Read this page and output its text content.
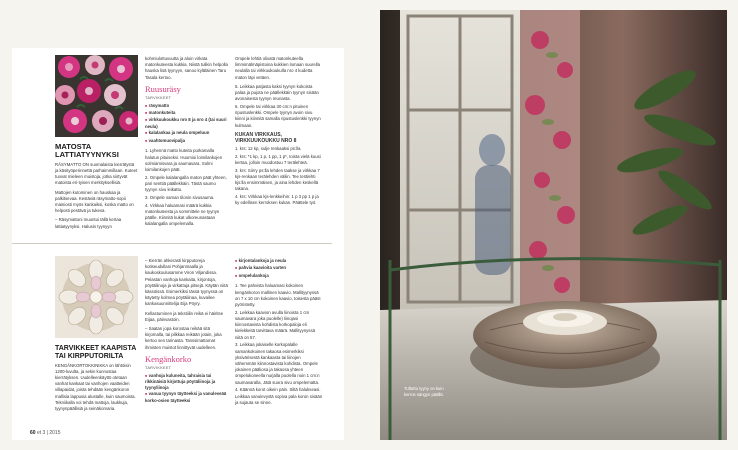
MATOSTA
LATTIATYYNYKSI

RÄSYMATTO ON suomalaista kierrätystä ja käsityöperinnettä parhaimmillaan. Kuteet tuovat mieleen muistoja, jotka siirtyvät matoista eri-tyisen merkityksellisiä.

Mattojen kutominen on hauskaa ja palkitsevaa. Kestäviä räsymatto-sopii mainiosti myös kankaiksi, koska matto on helposti pestävä ja tukeva.

– Räsymattoni muuntui tällä kertaa lattiatyynyksi. Halusin tyynyyn

kohmiulottuvuutta ja aloin virkata matonkuteesta kukkia. Niistä tulikin helpolla hauska lisä tyynyyn, sanoo kyläläinen Taru Tasala kertoo.

Ruusuräsy
TARVIKKEET
■ räsymatto
■ matonkuteita
■ virkkuukoukku nro 8 ja nro 4 (tai suuri neula)
■ kalalankaa ja neula ompeluun
■ vaahtomuovipalja
1. Lyhennä matto kuteita purkamalla halutun pituiseksi. Huomioi loimilankojen solmiamisvara ja saumavara. Solmi loimilankojen päät.
2. Ompele kalalangalla maton päät yhteen, pari senttiä päällekkäin. Tästä saumo tyynyn sivu leikattu.
3. Ompele saman tilonin sivusauma.
4. Virkkaa haluamasi määrä kukkia matonkuteesta ja sommittele ne tyynyn päälle. Kiinnitä kukat ulkoreunastaan kalalangalla ompelemalla.

Ompele lehtiä olivatä matonkuteella limmimälmäpistoina kukkien lomaan suurella neulalla tai virkkuukoukulla nro 4 kudetta maton läpi vetäen.

5. Leikkaa patjasta kaksi tyynyn kokoista palaa ja pujota ne päällekkäin tyynyn sisään avonaisesta tyynyn reunasta.
6. Ompele tai virkkaa 30 cm:n pituinen ripustuslenkki. Ompele tyynyn avoin sivu kiinni ja kiinnitä samalla ripustuslenkki tyynyn kulmaan.
KUKAN VIRKKAUS, VIRKKUUKOUKKU NRO 8
1. krs: 12 kp, sulje renkaaksi ps:lla.
2. krs: *1 kp, 1 p, 1 pp, 1 p*, toista vielä kuusi kertaa, jolloin muodostuu 7 terälehteä.
3. krs: Siirry ps:lla lehden taakse ja virkkaa 7 kjs-renkaan terälehden väliin. Tee terälehti kjs:lla ensimmäisen, ja aina lehden keskellä takana.
4. krs: Virkkaa kjs-lenkkeihin: 1 p 3 pp 1 p ja ky edellisen kerroksen kukan. Päättele työ.
TARVIKKEET KAAPISTA
TAI KIRPPUTORILTA

KENGÄNKORTOKKINIKKA on lähtöisin 1200-luvulta, ja sekin kunnostaa kierrätyksen. Uudelleenkäyttö otetaan vanhat kankaat tai vanhojen vaatteiden villapaidat, joista tehdään kengänkoron mallisia lappusia alustalle, kuin saumoista. Tekniikalla voi tehdä mattoja, laukkuja, tyynynpäällisiä ja seinäkorvaria.

– Kierrän ahkerasti kirpputoreja kotiseudullani Pohjanmaalla ja kaukoskoulusamme Viron Viljandissa. Pelastan vanhoja kankaita, kirjontoja, pöytäliinoja ja virkattuja pitsejä. Käytän niitä kässöissä. Esimerkiksi tässä tyynyssä on käytetty kolmea pöytäliinaa, kuvailee kankasuunnittelija Eija Pöyry.

Kellastuminen ja tekstiilin reikä ei häiritse Eijaa, päinvastoin.

– Saatan jopa korostaa reikää sitä kirjomalla, tai pilkkaa reikään jotain, joka kertoo sen tarinasta. Tanssimattomat ihmisten muistot linnittyvät uudelleen.

Kengänkorko
TARVIKKEET
■ vanhoja kuluneita, tahraisia tai rikkinäisiä kirjottuja pöytäliinoja ja tyynyliinoja
■ vanua tyynyn täytteeksi ja vanuleveää korko-osien täytteeksi
■ kirjontalankoja ja neula
■ pahvia kaavioita varten
■ ompelulankoja
1. Tee pahvista haluamasi kokoinen kengänkoron mallinen kaavio. Mallityynyssä on 7 x 10 cm kokoinen kaavio, toisesta pääst pyöristetty.
2. Leikkaa kaavion avulla liinoista 1 cm saumavara joka puolelle) liinojasi kiinnostavista kohdista korkopaloja eli kielekkeitä tarvittava määrä. Mallityynyssä niitä on 57.
3. Leikkaa jokaiselle korkopalalle samankokoinen takaosa esimerkiksi yksivärisestä kankaasta tai liinojen vähemmän kiinnostavista kohdista. Ompele jokainen pääliosa ja takaosa yhteen ompelukoneella nurjalla puolella noin 1 cm:n saumavaralla, Jätä suora sivu ompelematta.
4. Käännä korot oikein päin. Siltä halukseasi. Leikkaa vanulevystä sopiva pala koron sisään ja sujauta se sinne.
60 et 3 | 2015
Tuftattu tyyny on kuin kerros sängyn päällä.
